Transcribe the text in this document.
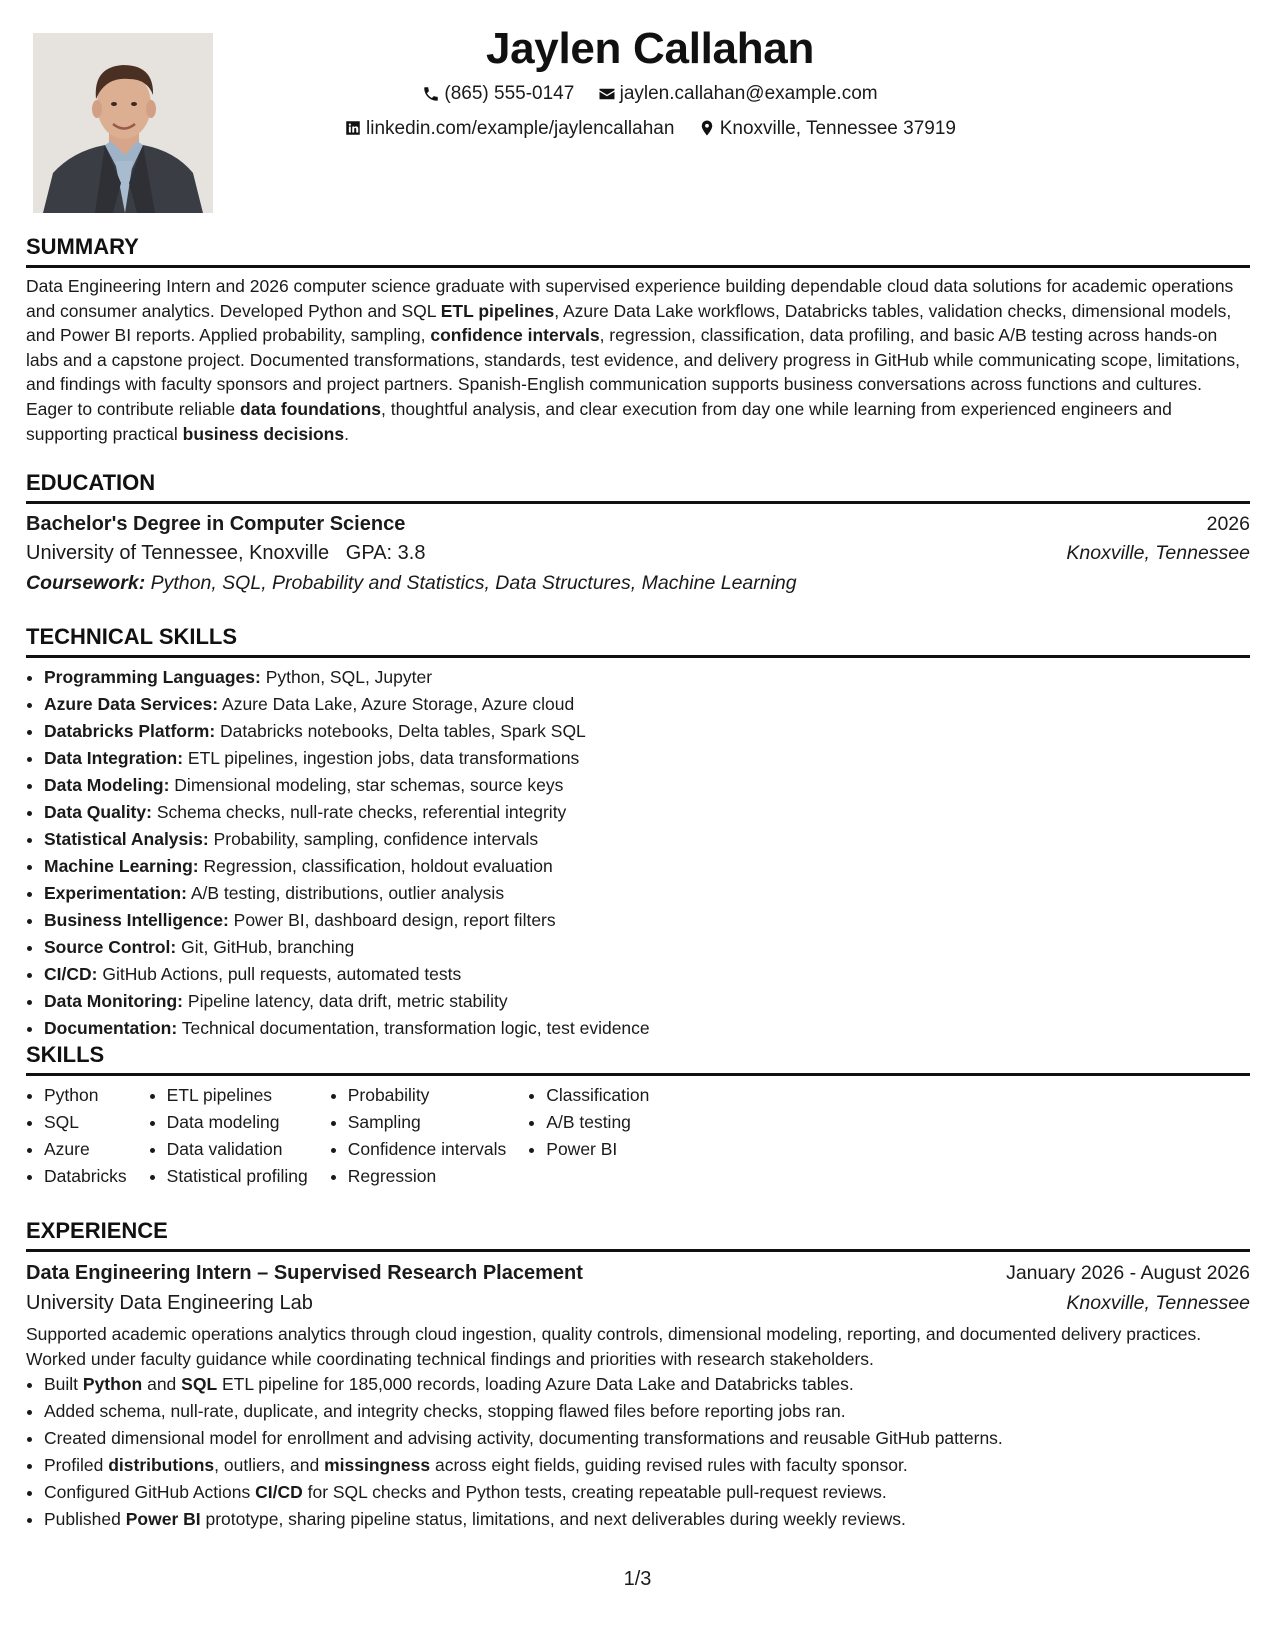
Jaylen Callahan
(865) 555-0147
jaylen.callahan@example.com
linkedin.com/example/jaylencallahan
Knoxville, Tennessee 37919
SUMMARY
Data Engineering Intern and 2026 computer science graduate with supervised experience building dependable cloud data solutions for academic operations and consumer analytics. Developed Python and SQL ETL pipelines, Azure Data Lake workflows, Databricks tables, validation checks, dimensional models, and Power BI reports. Applied probability, sampling, confidence intervals, regression, classification, data profiling, and basic A/B testing across hands-on labs and a capstone project. Documented transformations, standards, test evidence, and delivery progress in GitHub while communicating scope, limitations, and findings with faculty sponsors and project partners. Spanish-English communication supports business conversations across functions and cultures. Eager to contribute reliable data foundations, thoughtful analysis, and clear execution from day one while learning from experienced engineers and supporting practical business decisions.
EDUCATION
Bachelor's Degree in Computer Science	2026
University of Tennessee, Knoxville GPA: 3.8	Knoxville, Tennessee
Coursework: Python, SQL, Probability and Statistics, Data Structures, Machine Learning
TECHNICAL SKILLS
• Programming Languages: Python, SQL, Jupyter
• Azure Data Services: Azure Data Lake, Azure Storage, Azure cloud
• Databricks Platform: Databricks notebooks, Delta tables, Spark SQL
• Data Integration: ETL pipelines, ingestion jobs, data transformations
• Data Modeling: Dimensional modeling, star schemas, source keys
• Data Quality: Schema checks, null-rate checks, referential integrity
• Statistical Analysis: Probability, sampling, confidence intervals
• Machine Learning: Regression, classification, holdout evaluation
• Experimentation: A/B testing, distributions, outlier analysis
• Business Intelligence: Power BI, dashboard design, report filters
• Source Control: Git, GitHub, branching
• CI/CD: GitHub Actions, pull requests, automated tests
• Data Monitoring: Pipeline latency, data drift, metric stability
• Documentation: Technical documentation, transformation logic, test evidence
SKILLS
• Python
• SQL
• Azure
• Databricks
• ETL pipelines
• Data modeling
• Data validation
• Statistical profiling
• Probability
• Sampling
• Confidence intervals
• Regression
• Classification
• A/B testing
• Power BI
EXPERIENCE
Data Engineering Intern – Supervised Research Placement	January 2026 - August 2026
University Data Engineering Lab	Knoxville, Tennessee
Supported academic operations analytics through cloud ingestion, quality controls, dimensional modeling, reporting, and documented delivery practices. Worked under faculty guidance while coordinating technical findings and priorities with research stakeholders.
• Built Python and SQL ETL pipeline for 185,000 records, loading Azure Data Lake and Databricks tables.
• Added schema, null-rate, duplicate, and integrity checks, stopping flawed files before reporting jobs ran.
• Created dimensional model for enrollment and advising activity, documenting transformations and reusable GitHub patterns.
• Profiled distributions, outliers, and missingness across eight fields, guiding revised rules with faculty sponsor.
• Configured GitHub Actions CI/CD for SQL checks and Python tests, creating repeatable pull-request reviews.
• Published Power BI prototype, sharing pipeline status, limitations, and next deliverables during weekly reviews.
1/3
